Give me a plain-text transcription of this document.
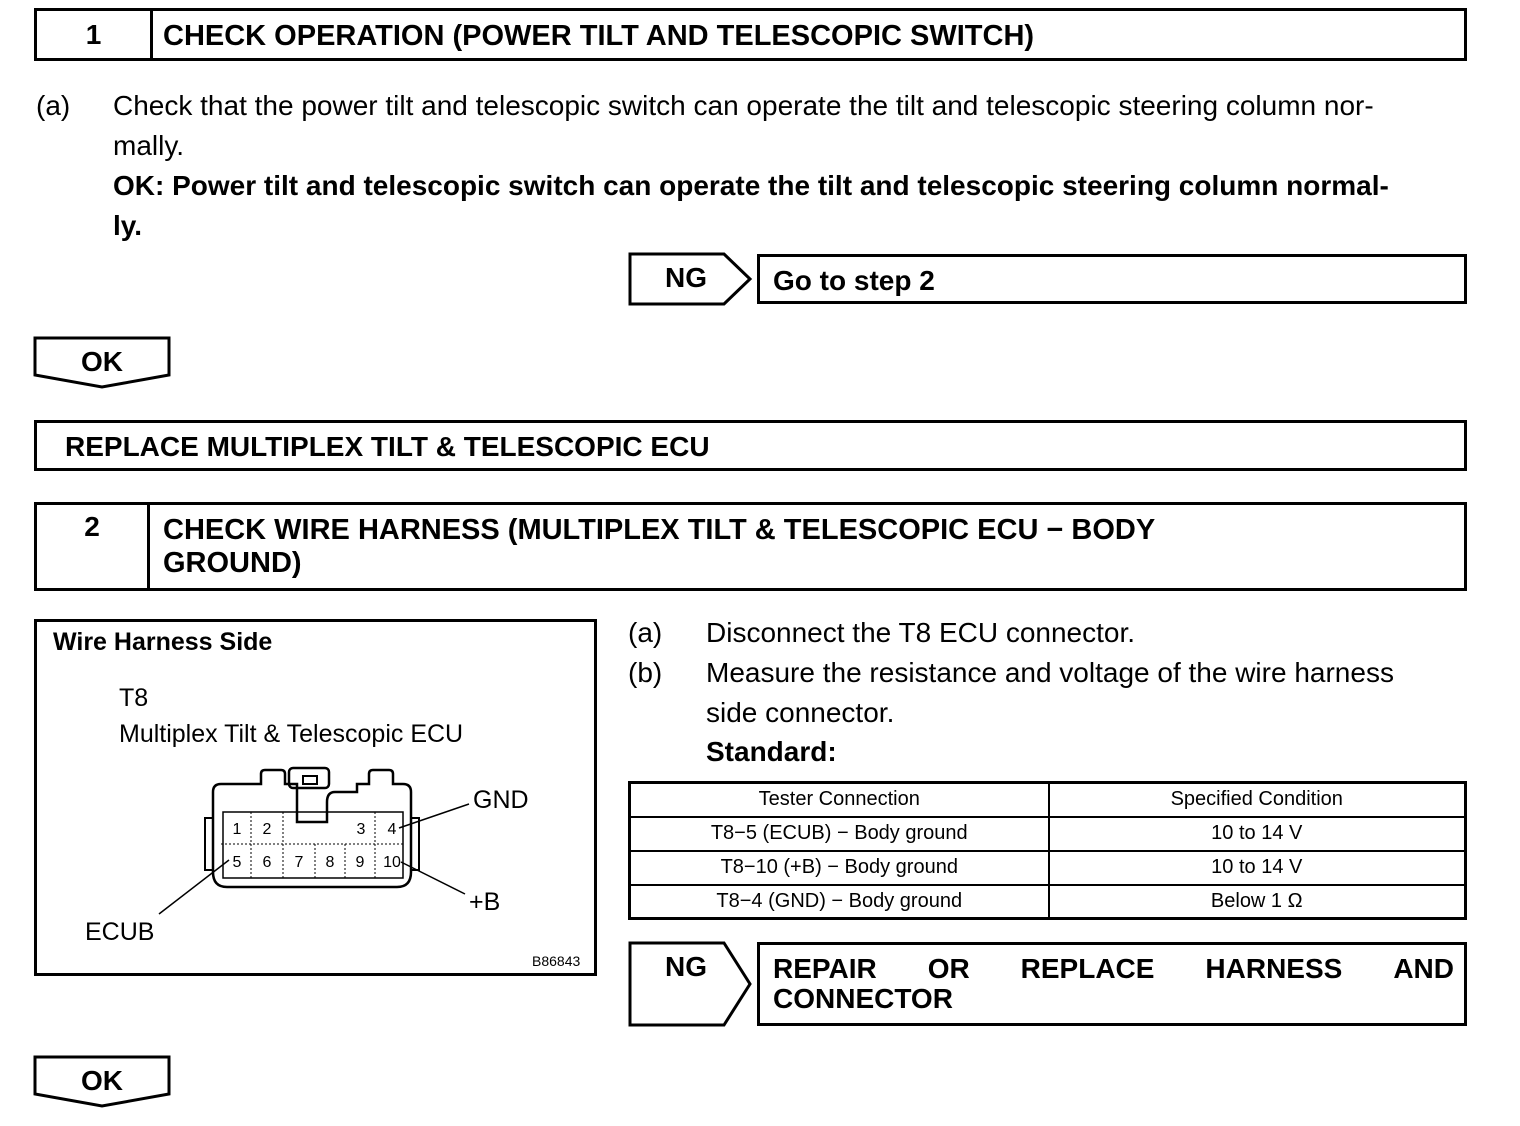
1	CHECK OPERATION (POWER TILT AND TELESCOPIC SWITCH)
(a) Check that the power tilt and telescopic switch can operate the tilt and telescopic steering column nor-
mally.
OK: Power tilt and telescopic switch can operate the tilt and telescopic steering column normal-
ly.
NG	Go to step 2
OK
REPLACE MULTIPLEX TILT & TELESCOPIC ECU
2	CHECK WIRE HARNESS (MULTIPLEX TILT & TELESCOPIC ECU − BODY
GROUND)
Wire Harness Side
T8
Multiplex Tilt & Telescopic ECU
1 2	3 4
5 6 7 8 9 10
GND
+B
ECUB
B86843
(a) Disconnect the T8 ECU connector.
(b) Measure the resistance and voltage of the wire harness
side connector.
Standard:
Tester Connection	Specified Condition
T8−5 (ECUB) − Body ground	10 to 14 V
T8−10 (+B) − Body ground	10 to 14 V
T8−4 (GND) − Body ground	Below 1 Ω
NG	REPAIR OR REPLACE HARNESS AND
CONNECTOR
OK
